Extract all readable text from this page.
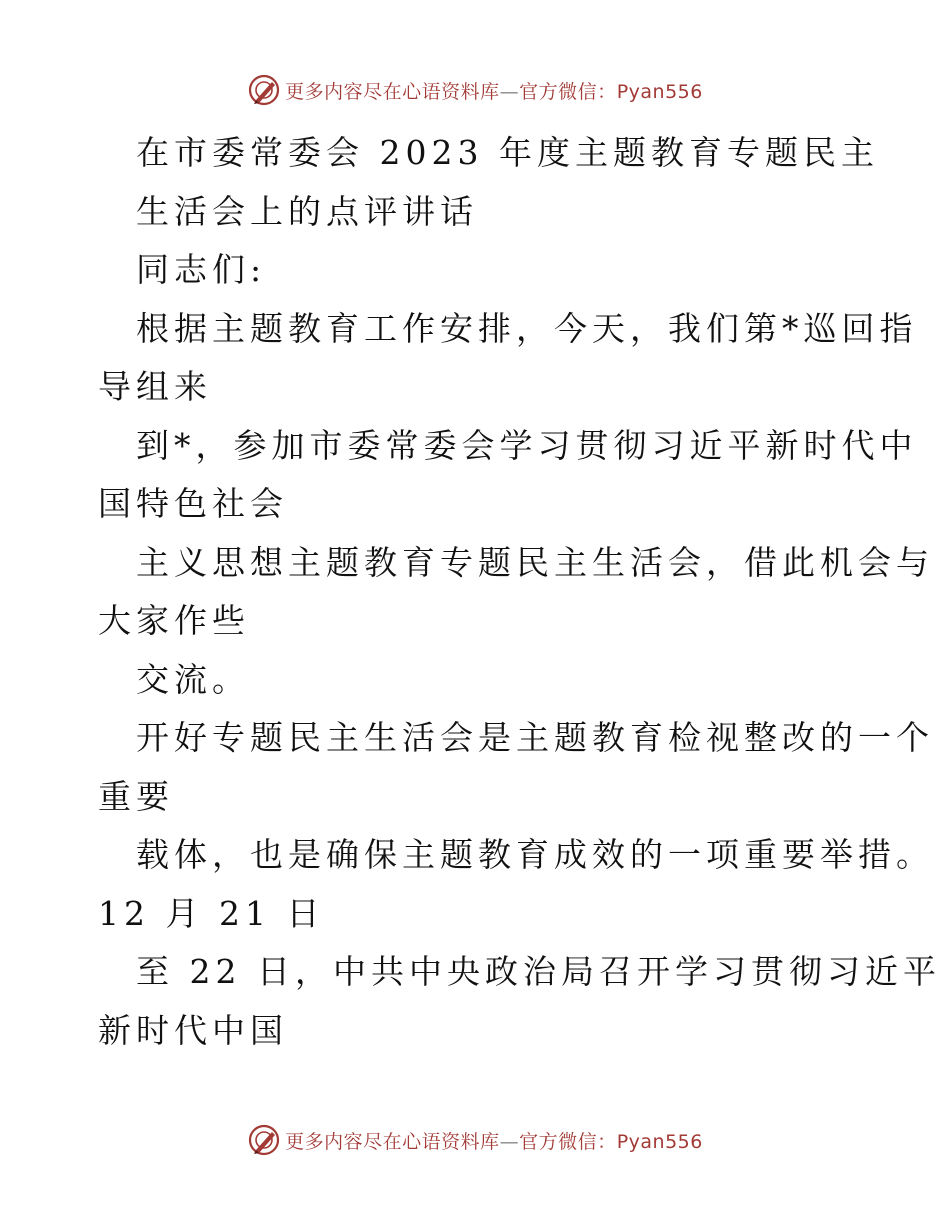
更多内容尽在心语资料库—官方微信：Pyan556
在市委常委会 2023 年度主题教育专题民主
生活会上的点评讲话
同志们:
根据主题教育工作安排，今天，我们第*巡回指
导组来
到*，参加市委常委会学习贯彻习近平新时代中
国特色社会
主义思想主题教育专题民主生活会，借此机会与
大家作些
交流。
开好专题民主生活会是主题教育检视整改的一个
重要
载体，也是确保主题教育成效的一项重要举措。
12 月 21 日
至 22 日，中共中央政治局召开学习贯彻习近平
新时代中国
更多内容尽在心语资料库—官方微信：Pyan556
